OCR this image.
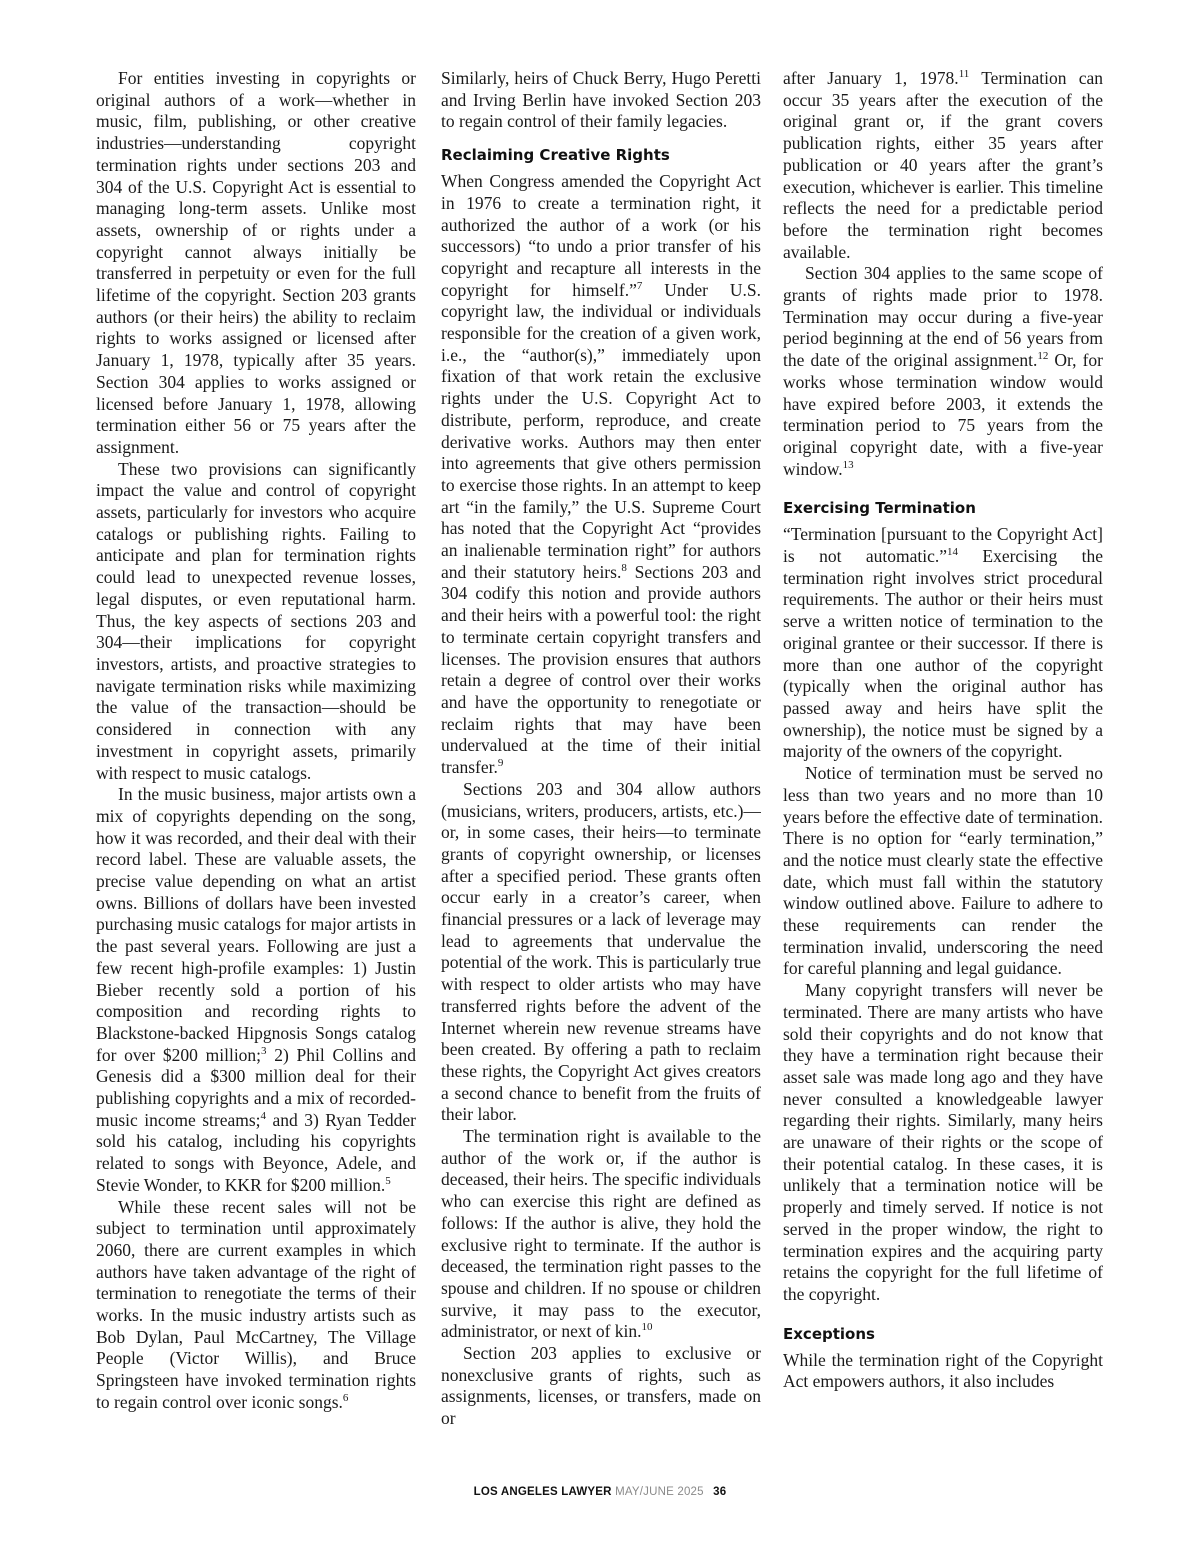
For entities investing in copyrights or original authors of a work—whether in music, film, publishing, or other creative industries—understanding copyright termination rights under sections 203 and 304 of the U.S. Copyright Act is essential to managing long-term assets. Unlike most assets, ownership of or rights under a copyright cannot always initially be transferred in perpetuity or even for the full lifetime of the copyright. Section 203 grants authors (or their heirs) the ability to reclaim rights to works assigned or licensed after January 1, 1978, typically after 35 years. Section 304 applies to works assigned or licensed before January 1, 1978, allowing termination either 56 or 75 years after the assignment.

These two provisions can significantly impact the value and control of copyright assets, particularly for investors who acquire catalogs or publishing rights. Failing to anticipate and plan for termination rights could lead to unexpected revenue losses, legal disputes, or even reputational harm. Thus, the key aspects of sections 203 and 304—their implications for copyright investors, artists, and proactive strategies to navigate termination risks while maximizing the value of the transaction—should be considered in connection with any investment in copyright assets, primarily with respect to music catalogs.

In the music business, major artists own a mix of copyrights depending on the song, how it was recorded, and their deal with their record label. These are valuable assets, the precise value depending on what an artist owns. Billions of dollars have been invested purchasing music catalogs for major artists in the past several years. Following are just a few recent high-profile examples: 1) Justin Bieber recently sold a portion of his composition and recording rights to Blackstone-backed Hipgnosis Songs catalog for over $200 million;$^3$ 2) Phil Collins and Genesis did a $300 million deal for their publishing copyrights and a mix of recorded-music income streams;$^4$ and 3) Ryan Tedder sold his catalog, including his copyrights related to songs with Beyonce, Adele, and Stevie Wonder, to KKR for $200 million.$^5$

While these recent sales will not be subject to termination until approximately 2060, there are current examples in which authors have taken advantage of the right of termination to renegotiate the terms of their works. In the music industry artists such as Bob Dylan, Paul McCartney, The Village People (Victor Willis), and Bruce Springsteen have invoked termination rights to regain control over iconic songs.$^6$

Similarly, heirs of Chuck Berry, Hugo Peretti and Irving Berlin have invoked Section 203 to regain control of their family legacies.

Reclaiming Creative Rights

When Congress amended the Copyright Act in 1976 to create a termination right, it authorized the author of a work (or his successors) “to undo a prior transfer of his copyright and recapture all interests in the copyright for himself.”$^7$ Under U.S. copyright law, the individual or individuals responsible for the creation of a given work, i.e., the “author(s),” immediately upon fixation of that work retain the exclusive rights under the U.S. Copyright Act to distribute, perform, reproduce, and create derivative works. Authors may then enter into agreements that give others permission to exercise those rights. In an attempt to keep art “in the family,” the U.S. Supreme Court has noted that the Copyright Act “provides an inalienable termination right” for authors and their statutory heirs.$^8$ Sections 203 and 304 codify this notion and provide authors and their heirs with a powerful tool: the right to terminate certain copyright transfers and licenses. The provision ensures that authors retain a degree of control over their works and have the opportunity to renegotiate or reclaim rights that may have been undervalued at the time of their initial transfer.$^9$

Sections 203 and 304 allow authors (musicians, writers, producers, artists, etc.)—or, in some cases, their heirs—to terminate grants of copyright ownership, or licenses after a specified period. These grants often occur early in a creator’s career, when financial pressures or a lack of leverage may lead to agreements that undervalue the potential of the work. This is particularly true with respect to older artists who may have transferred rights before the advent of the Internet wherein new revenue streams have been created. By offering a path to reclaim these rights, the Copyright Act gives creators a second chance to benefit from the fruits of their labor.

The termination right is available to the author of the work or, if the author is deceased, their heirs. The specific individuals who can exercise this right are defined as follows: If the author is alive, they hold the exclusive right to terminate. If the author is deceased, the termination right passes to the spouse and children. If no spouse or children survive, it may pass to the executor, administrator, or next of kin.$^{10}$

Section 203 applies to exclusive or nonexclusive grants of rights, such as assignments, licenses, or transfers, made on or

after January 1, 1978.11 Termination can occur 35 years after the execution of the original grant or, if the grant covers publication rights, either 35 years after publication or 40 years after the grant’s execution, whichever is earlier. This timeline reflects the need for a predictable period before the termination right becomes available.

Section 304 applies to the same scope of grants of rights made prior to 1978. Termination may occur during a five-year period beginning at the end of 56 years from the date of the original assignment.$^{12}$ Or, for works whose termination window would have expired before 2003, it extends the termination period to 75 years from the original copyright date, with a five-year window.$^{13}$

Exercising Termination

“Termination [pursuant to the Copyright Act] is not automatic.”$^{14}$ Exercising the termination right involves strict procedural requirements. The author or their heirs must serve a written notice of termination to the original grantee or their successor. If there is more than one author of the copyright (typically when the original author has passed away and heirs have split the ownership), the notice must be signed by a majority of the owners of the copyright.

Notice of termination must be served no less than two years and no more than 10 years before the effective date of termination. There is no option for “early termination,” and the notice must clearly state the effective date, which must fall within the statutory window outlined above. Failure to adhere to these requirements can render the termination invalid, underscoring the need for careful planning and legal guidance.

Many copyright transfers will never be terminated. There are many artists who have sold their copyrights and do not know that they have a termination right because their asset sale was made long ago and they have never consulted a knowledgeable lawyer regarding their rights. Similarly, many heirs are unaware of their rights or the scope of their potential catalog. In these cases, it is unlikely that a termination notice will be properly and timely served. If notice is not served in the proper window, the right to termination expires and the acquiring party retains the copyright for the full lifetime of the copyright.

Exceptions

While the termination right of the Copyright Act empowers authors, it also includes

LOS ANGELES LAWYER MAY/JUNE 2025 36
